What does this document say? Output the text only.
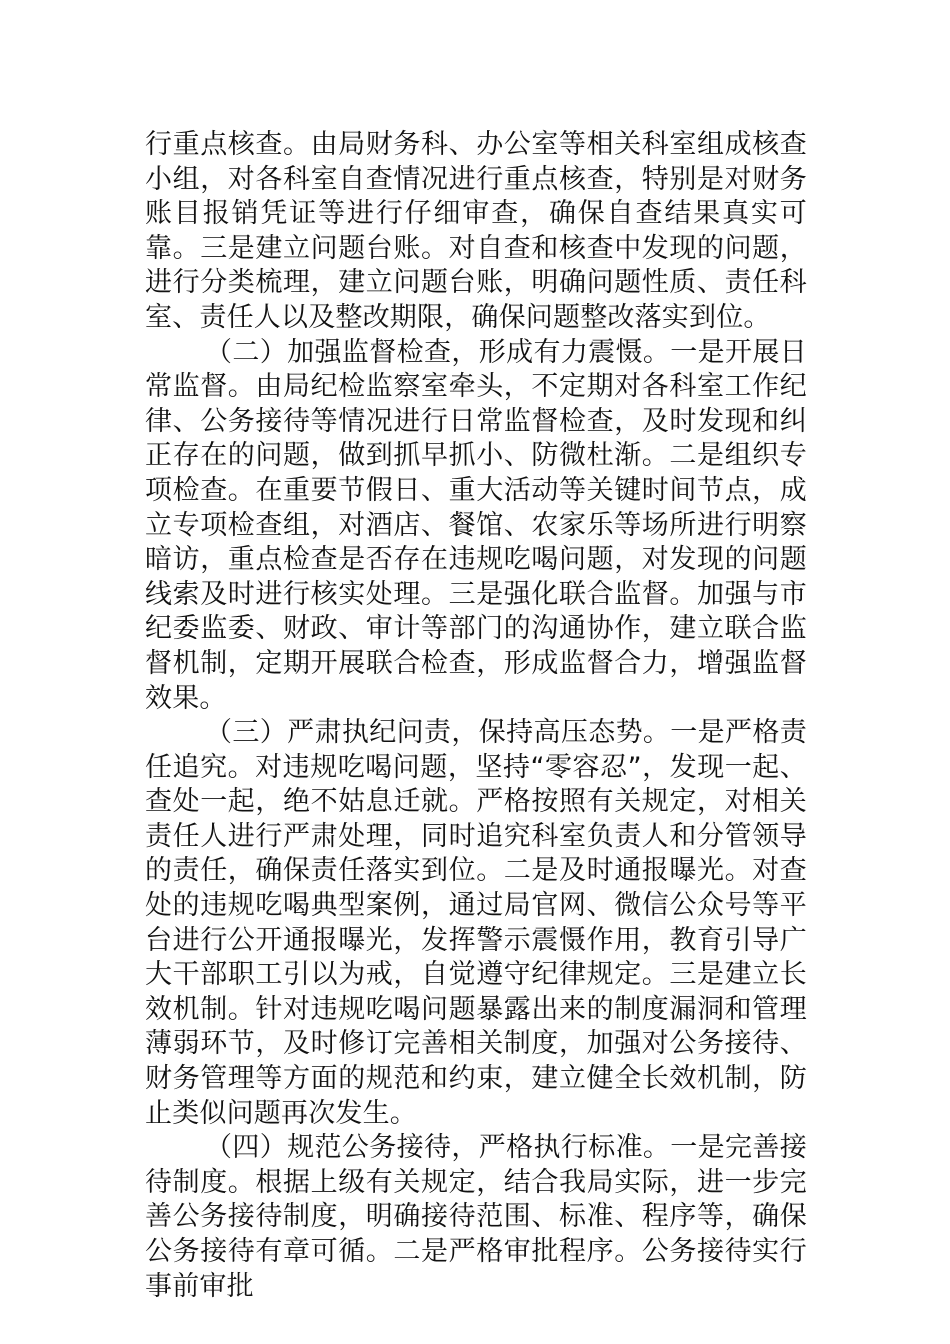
行重点核查。由局财务科、办公室等相关科室组成核查小组，对各科室自查情况进行重点核查，特别是对财务账目报销凭证等进行仔细审查，确保自查结果真实可靠。三是建立问题台账。对自查和核查中发现的问题，进行分类梳理，建立问题台账，明确问题性质、责任科室、责任人以及整改期限，确保问题整改落实到位。

（二）加强监督检查，形成有力震慑。一是开展日常监督。由局纪检监察室牵头，不定期对各科室工作纪律、公务接待等情况进行日常监督检查，及时发现和纠正存在的问题，做到抓早抓小、防微杜渐。二是组织专项检查。在重要节假日、重大活动等关键时间节点，成立专项检查组，对酒店、餐馆、农家乐等场所进行明察暗访，重点检查是否存在违规吃喝问题，对发现的问题线索及时进行核实处理。三是强化联合监督。加强与市纪委监委、财政、审计等部门的沟通协作，建立联合监督机制，定期开展联合检查，形成监督合力，增强监督效果。

（三）严肃执纪问责，保持高压态势。一是严格责任追究。对违规吃喝问题，坚持“零容忍”，发现一起、查处一起，绝不姑息迁就。严格按照有关规定，对相关责任人进行严肃处理，同时追究科室负责人和分管领导的责任，确保责任落实到位。二是及时通报曝光。对查处的违规吃喝典型案例，通过局官网、微信公众号等平台进行公开通报曝光，发挥警示震慑作用，教育引导广大干部职工引以为戒，自觉遵守纪律规定。三是建立长效机制。针对违规吃喝问题暴露出来的制度漏洞和管理薄弱环节，及时修订完善相关制度，加强对公务接待、财务管理等方面的规范和约束，建立健全长效机制，防止类似问题再次发生。

（四）规范公务接待，严格执行标准。一是完善接待制度。根据上级有关规定，结合我局实际，进一步完善公务接待制度，明确接待范围、标准、程序等，确保公务接待有章可循。二是严格审批程序。公务接待实行事前审批
